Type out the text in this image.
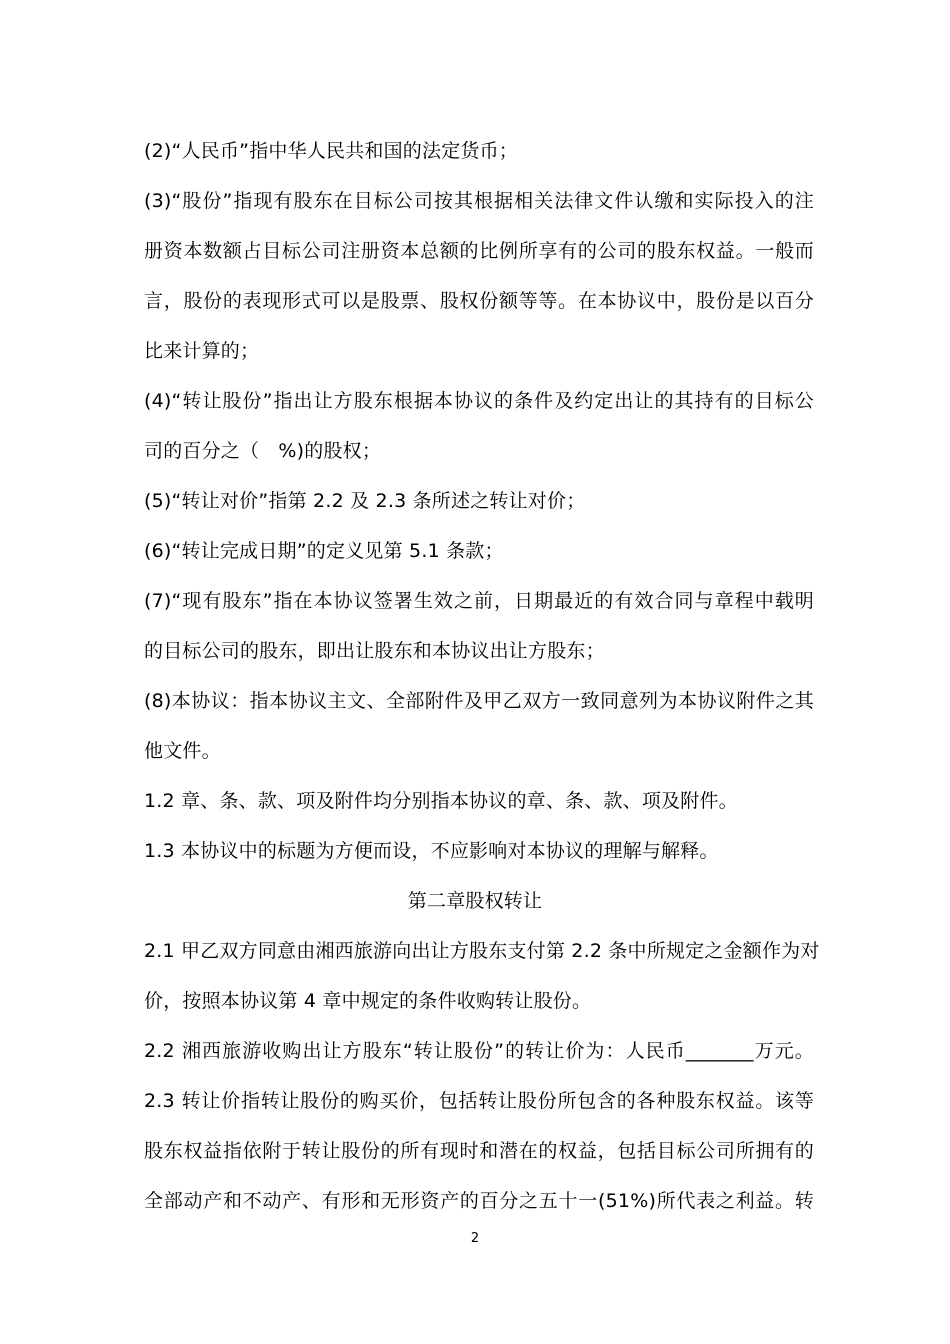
(2)“人民币”指中华人民共和国的法定货币；
(3)“股份”指现有股东在目标公司按其根据相关法律文件认缴和实际投入的注
册资本数额占目标公司注册资本总额的比例所享有的公司的股东权益。一般而
言，股份的表现形式可以是股票、股权份额等等。在本协议中，股份是以百分
比来计算的；
(4)“转让股份”指出让方股东根据本协议的条件及约定出让的其持有的目标公
司的百分之（　%)的股权；
(5)“转让对价”指第 2.2 及 2.3 条所述之转让对价；
(6)“转让完成日期”的定义见第 5.1 条款；
(7)“现有股东”指在本协议签署生效之前，日期最近的有效合同与章程中载明
的目标公司的股东，即出让股东和本协议出让方股东；
(8)本协议：指本协议主文、全部附件及甲乙双方一致同意列为本协议附件之其
他文件。
1.2 章、条、款、项及附件均分别指本协议的章、条、款、项及附件。
1.3 本协议中的标题为方便而设，不应影响对本协议的理解与解释。
第二章股权转让
2.1 甲乙双方同意由湘西旅游向出让方股东支付第 2.2 条中所规定之金额作为对
价，按照本协议第 4 章中规定的条件收购转让股份。
2.2 湘西旅游收购出让方股东“转让股份”的转让价为：人民币_______万元。
2.3 转让价指转让股份的购买价，包括转让股份所包含的各种股东权益。该等
股东权益指依附于转让股份的所有现时和潜在的权益，包括目标公司所拥有的
全部动产和不动产、有形和无形资产的百分之五十一(51%)所代表之利益。转
2
